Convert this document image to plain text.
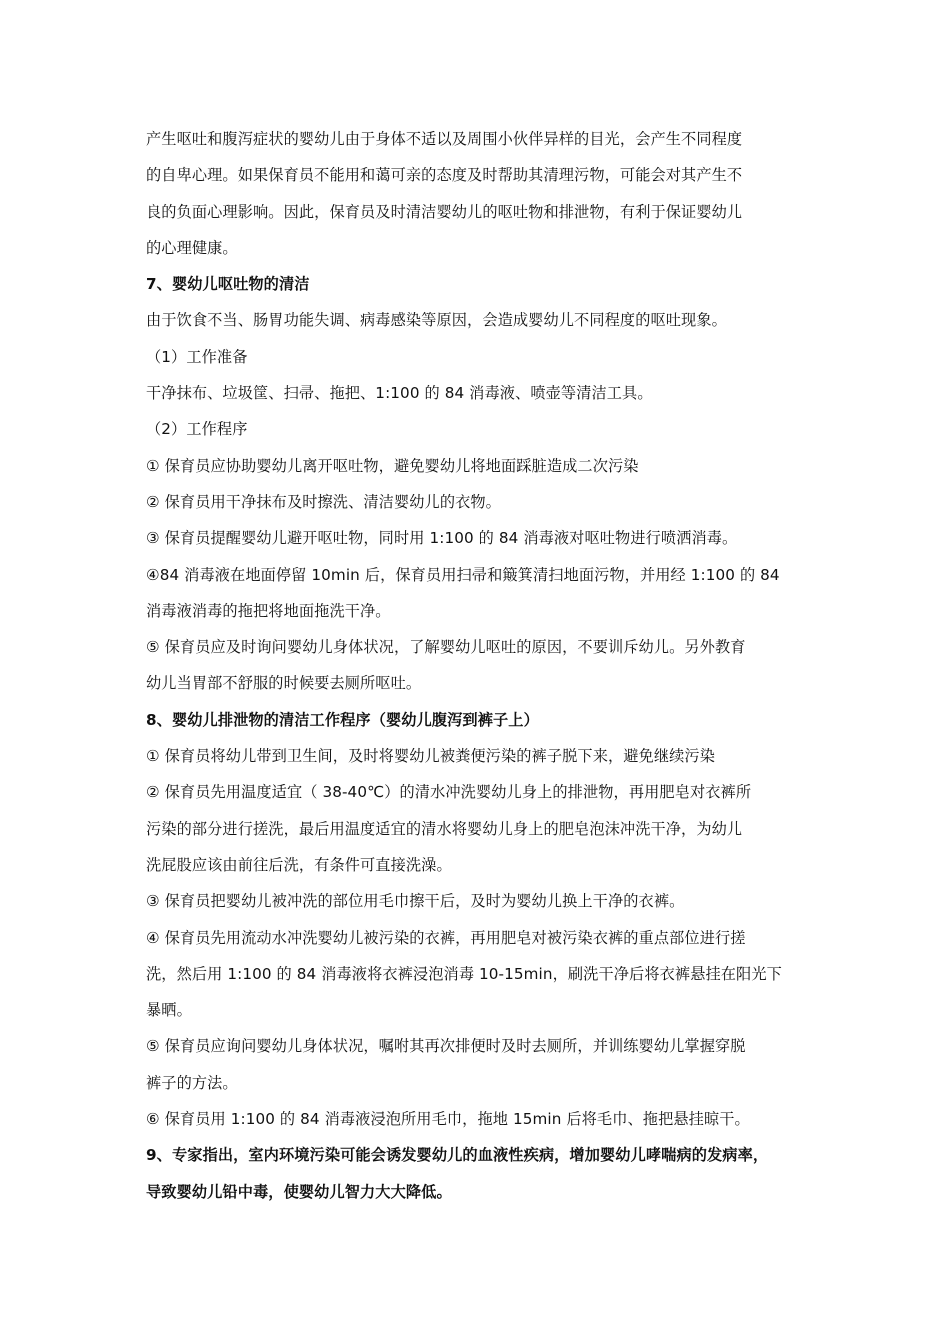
产生呕吐和腹泻症状的婴幼儿由于身体不适以及周围小伙伴异样的目光，会产生不同程度
的自卑心理。如果保育员不能用和蔼可亲的态度及时帮助其清理污物，可能会对其产生不
良的负面心理影响。因此，保育员及时清洁婴幼儿的呕吐物和排泄物，有利于保证婴幼儿
的心理健康。
7、婴幼儿呕吐物的清洁
由于饮食不当、肠胃功能失调、病毒感染等原因，会造成婴幼儿不同程度的呕吐现象。
（1）工作准备
干净抹布、垃圾筐、扫帚、拖把、1:100 的 84 消毒液、喷壶等清洁工具。
（2）工作程序
① 保育员应协助婴幼儿离开呕吐物，避免婴幼儿将地面踩脏造成二次污染
② 保育员用干净抹布及时擦洗、清洁婴幼儿的衣物。
③ 保育员提醒婴幼儿避开呕吐物，同时用 1:100 的 84 消毒液对呕吐物进行喷洒消毒。
④84 消毒液在地面停留 10min 后，保育员用扫帚和簸箕清扫地面污物，并用经 1:100 的 84
消毒液消毒的拖把将地面拖洗干净。
⑤ 保育员应及时询问婴幼儿身体状况，了解婴幼儿呕吐的原因，不要训斥幼儿。另外教育
幼儿当胃部不舒服的时候要去厕所呕吐。
8、婴幼儿排泄物的清洁工作程序（婴幼儿腹泻到裤子上）
① 保育员将幼儿带到卫生间，及时将婴幼儿被粪便污染的裤子脱下来，避免继续污染
② 保育员先用温度适宜（ 38-40℃）的清水冲洗婴幼儿身上的排泄物，再用肥皂对衣裤所
污染的部分进行搓洗，最后用温度适宜的清水将婴幼儿身上的肥皂泡沫冲洗干净，为幼儿
洗屁股应该由前往后洗，有条件可直接洗澡。
③ 保育员把婴幼儿被冲洗的部位用毛巾擦干后，及时为婴幼儿换上干净的衣裤。
④ 保育员先用流动水冲洗婴幼儿被污染的衣裤，再用肥皂对被污染衣裤的重点部位进行搓
洗，然后用 1:100 的 84 消毒液将衣裤浸泡消毒 10-15min，刷洗干净后将衣裤悬挂在阳光下
暴晒。
⑤ 保育员应询问婴幼儿身体状况，嘱咐其再次排便时及时去厕所，并训练婴幼儿掌握穿脱
裤子的方法。
⑥ 保育员用 1:100 的 84 消毒液浸泡所用毛巾，拖地 15min 后将毛巾、拖把悬挂晾干。
9、专家指出，室内环境污染可能会诱发婴幼儿的血液性疾病，增加婴幼儿哮喘病的发病率，
导致婴幼儿铅中毒，使婴幼儿智力大大降低。
